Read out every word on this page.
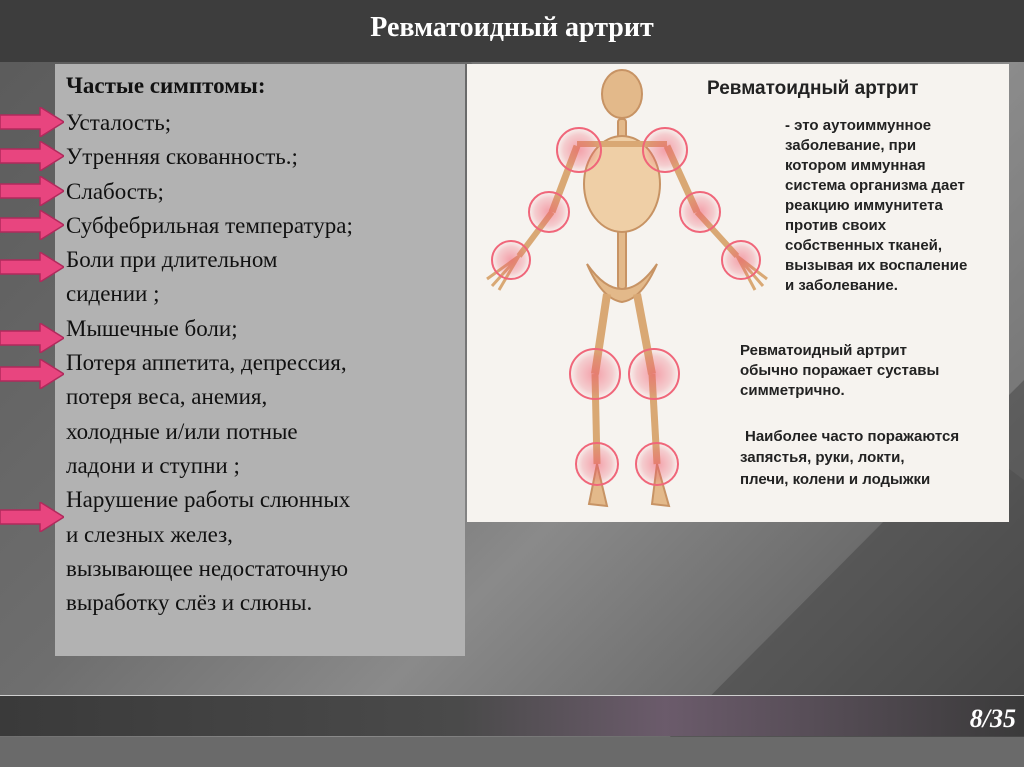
Ревматоидный артрит
Частые симптомы:
Усталость;
Утренняя скованность.;
Слабость;
Субфебрильная температура;
Боли при длительном
сидении ;
Мышечные боли;
Потеря аппетита, депрессия,
потеря веса, анемия,
холодные и/или потные
ладони и ступни ;
Нарушение работы слюнных
и слезных желез,
вызывающее недостаточную
выработку слёз и слюны.
Ревматоидный артрит
- это аутоиммунное
заболевание, при
котором иммунная
система организма дает
реакцию иммунитета
против своих
собственных тканей,
вызывая их воспаление
и заболевание.
Ревматоидный артрит
обычно поражает суставы
симметрично.
Наиболее часто поражаются
запястья, руки, локти,
плечи, колени и лодыжки
8/35
